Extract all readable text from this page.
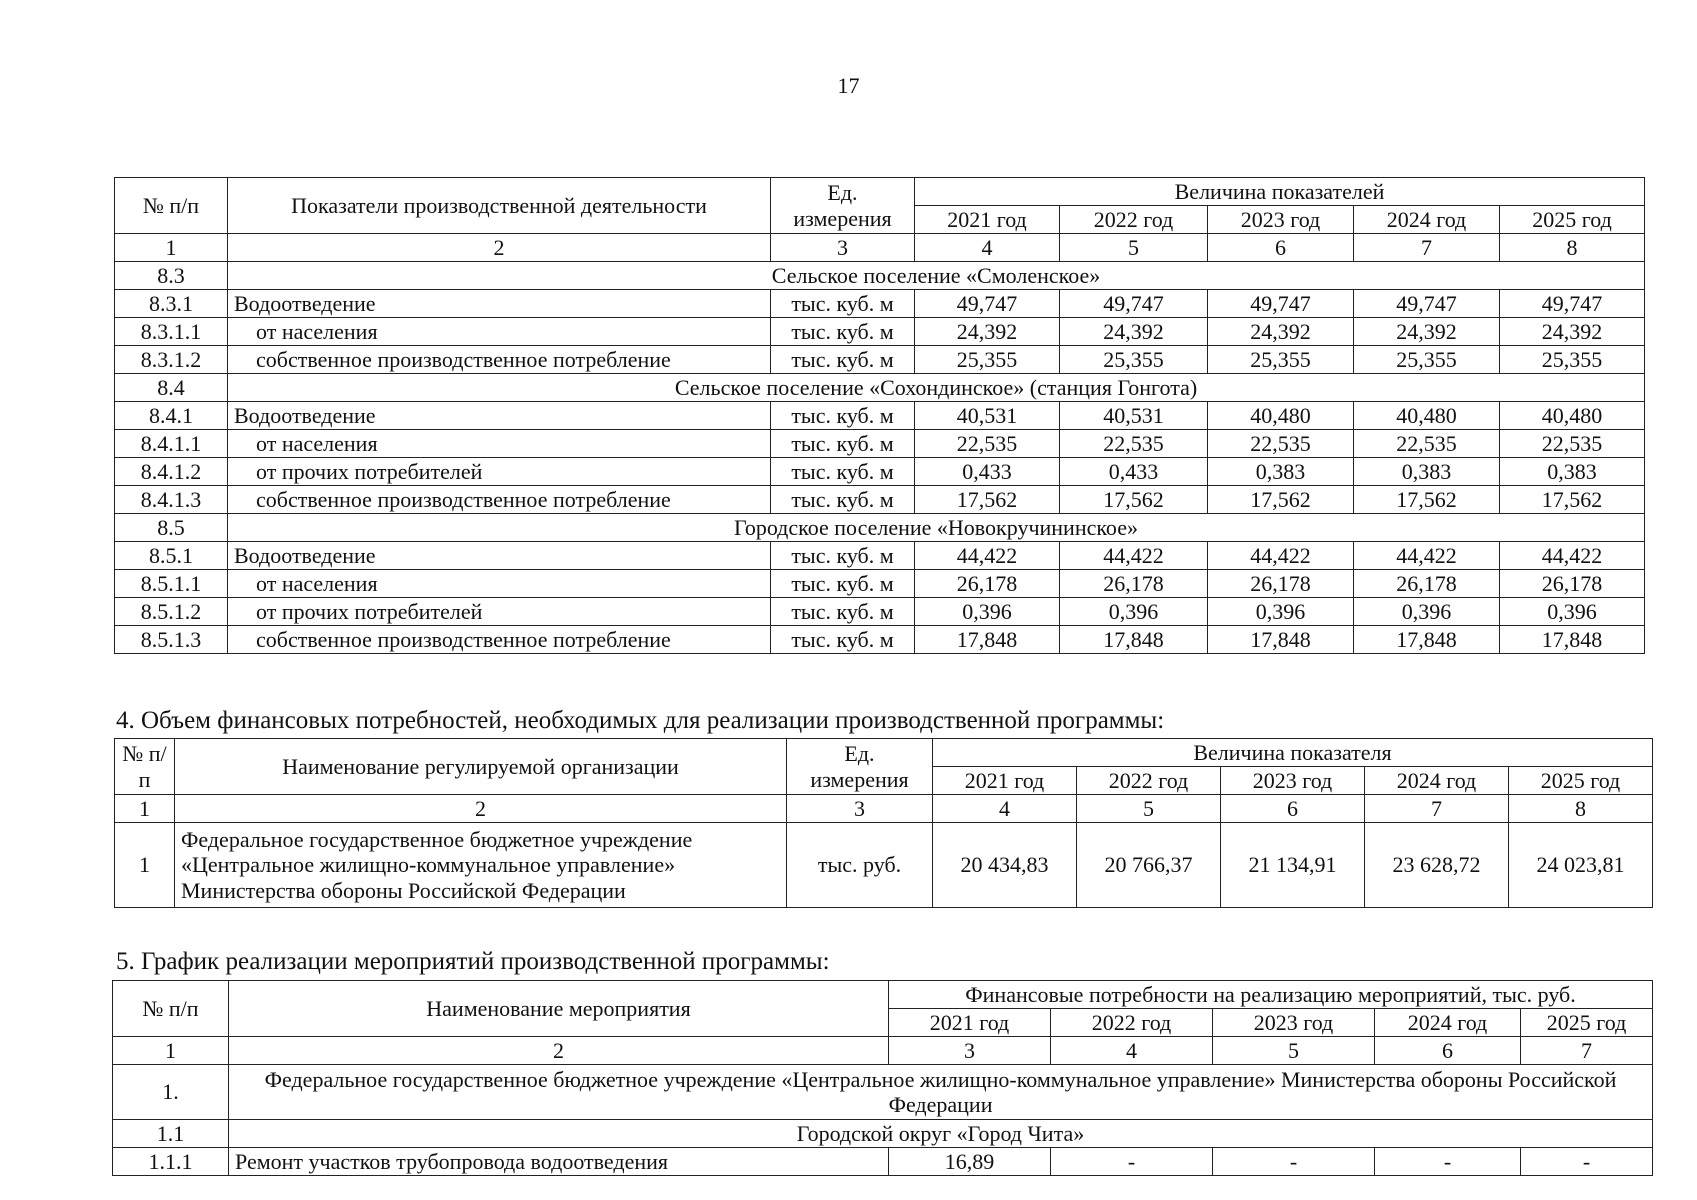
17
№ п/п	Показатели производственной деятельности	Ед. измерения	Величина показателей				
			2021 год	2022 год	2023 год	2024 год	2025 год
1	2	3	4	5	6	7	8
8.3	Сельское поселение «Смоленское»						
8.3.1	Водоотведение	тыс. куб. м	49,747	49,747	49,747	49,747	49,747
8.3.1.1	от населения	тыс. куб. м	24,392	24,392	24,392	24,392	24,392
8.3.1.2	собственное производственное потребление	тыс. куб. м	25,355	25,355	25,355	25,355	25,355
8.4	Сельское поселение «Сохондинское» (станция Гонгота)						
8.4.1	Водоотведение	тыс. куб. м	40,531	40,531	40,480	40,480	40,480
8.4.1.1	от населения	тыс. куб. м	22,535	22,535	22,535	22,535	22,535
8.4.1.2	от прочих потребителей	тыс. куб. м	0,433	0,433	0,383	0,383	0,383
8.4.1.3	собственное производственное потребление	тыс. куб. м	17,562	17,562	17,562	17,562	17,562
8.5	Городское поселение «Новокручининское»						
8.5.1	Водоотведение	тыс. куб. м	44,422	44,422	44,422	44,422	44,422
8.5.1.1	от населения	тыс. куб. м	26,178	26,178	26,178	26,178	26,178
8.5.1.2	от прочих потребителей	тыс. куб. м	0,396	0,396	0,396	0,396	0,396
8.5.1.3	собственное производственное потребление	тыс. куб. м	17,848	17,848	17,848	17,848	17,848
4. Объем финансовых потребностей, необходимых для реализации производственной программы:
№ п/п	Наименование регулируемой организации	Ед. измерения	Величина показателя				
			2021 год	2022 год	2023 год	2024 год	2025 год
1	2	3	4	5	6	7	8
1	Федеральное государственное бюджетное учреждение «Центральное жилищно-коммунальное управление» Министерства обороны Российской Федерации	тыс. руб.	20 434,83	20 766,37	21 134,91	23 628,72	24 023,81
5. График реализации мероприятий производственной программы:
№ п/п	Наименование мероприятия	Финансовые потребности на реализацию мероприятий, тыс. руб.				
		2021 год	2022 год	2023 год	2024 год	2025 год
1	2	3	4	5	6	7
1.	Федеральное государственное бюджетное учреждение «Центральное жилищно-коммунальное управление» Министерства обороны Российской Федерации					
1.1	Городской округ «Город Чита»					
1.1.1	Ремонт участков трубопровода водоотведения	16,89	-	-	-	-
